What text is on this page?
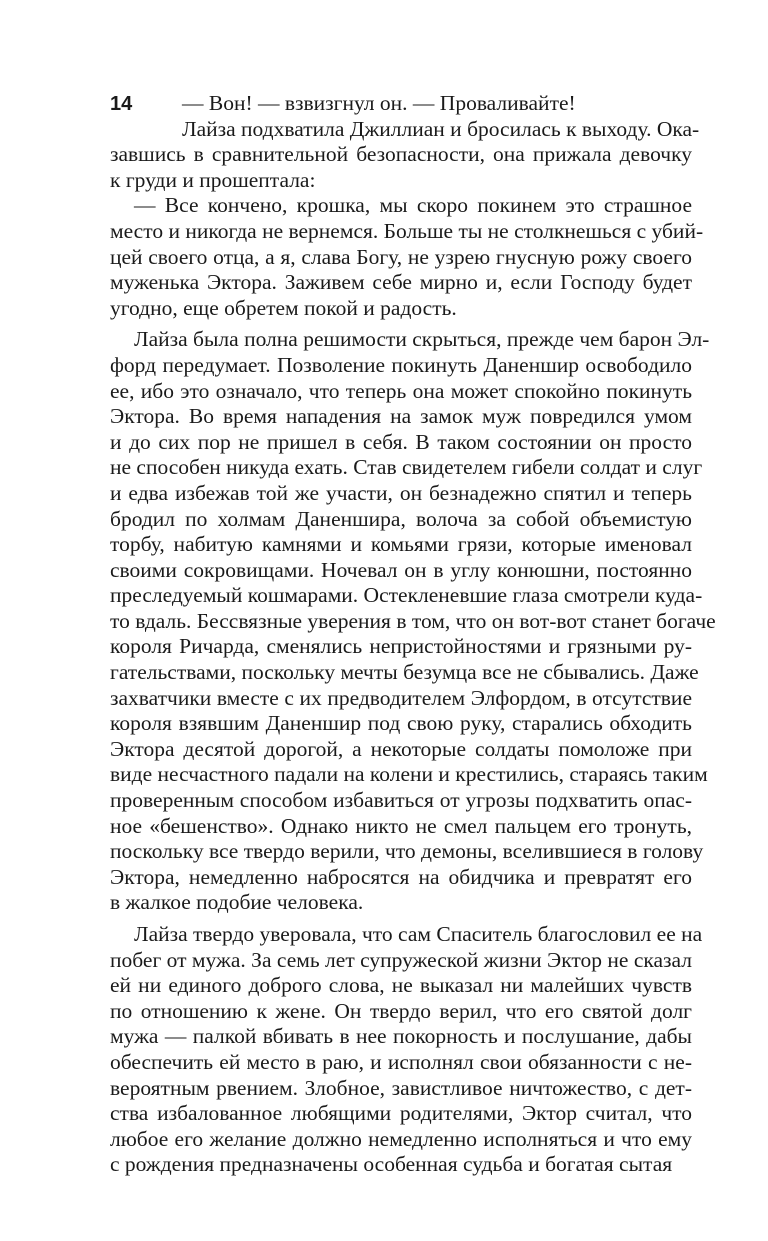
14	— Вон! — взвизгнул он. — Проваливайте!
Лайза подхватила Джиллиан и бросилась к выходу. Ока-
завшись в сравнительной безопасности, она прижала девочку
к груди и прошептала:
— Все кончено, крошка, мы скоро покинем это страшное
место и никогда не вернемся. Больше ты не столкнешься с убий-
цей своего отца, а я, слава Богу, не узрею гнусную рожу своего
муженька Эктора. Заживем себе мирно и, если Господу будет
угодно, еще обретем покой и радость.
Лайза была полна решимости скрыться, прежде чем барон Эл-
форд передумает. Позволение покинуть Даненшир освободило
ее, ибо это означало, что теперь она может спокойно покинуть
Эктора. Во время нападения на замок муж повредился умом
и до сих пор не пришел в себя. В таком состоянии он просто
не способен никуда ехать. Став свидетелем гибели солдат и слуг
и едва избежав той же участи, он безнадежно спятил и теперь
бродил по холмам Даненшира, волоча за собой объемистую
торбу, набитую камнями и комьями грязи, которые именовал
своими сокровищами. Ночевал он в углу конюшни, постоянно
преследуемый кошмарами. Остекленевшие глаза смотрели куда-
то вдаль. Бессвязные уверения в том, что он вот-вот станет богаче
короля Ричарда, сменялись непристойностями и грязными ру-
гательствами, поскольку мечты безумца все не сбывались. Даже
захватчики вместе с их предводителем Элфордом, в отсутствие
короля взявшим Даненшир под свою руку, старались обходить
Эктора десятой дорогой, а некоторые солдаты помоложе при
виде несчастного падали на колени и крестились, стараясь таким
проверенным способом избавиться от угрозы подхватить опас-
ное «бешенство». Однако никто не смел пальцем его тронуть,
поскольку все твердо верили, что демоны, вселившиеся в голову
Эктора, немедленно набросятся на обидчика и превратят его
в жалкое подобие человека.
Лайза твердо уверовала, что сам Спаситель благословил ее на
побег от мужа. За семь лет супружеской жизни Эктор не сказал
ей ни единого доброго слова, не выказал ни малейших чувств
по отношению к жене. Он твердо верил, что его святой долг
мужа — палкой вбивать в нее покорность и послушание, дабы
обеспечить ей место в раю, и исполнял свои обязанности с не-
вероятным рвением. Злобное, завистливое ничтожество, с дет-
ства избалованное любящими родителями, Эктор считал, что
любое его желание должно немедленно исполняться и что ему
с рождения предназначены особенная судьба и богатая сытая
